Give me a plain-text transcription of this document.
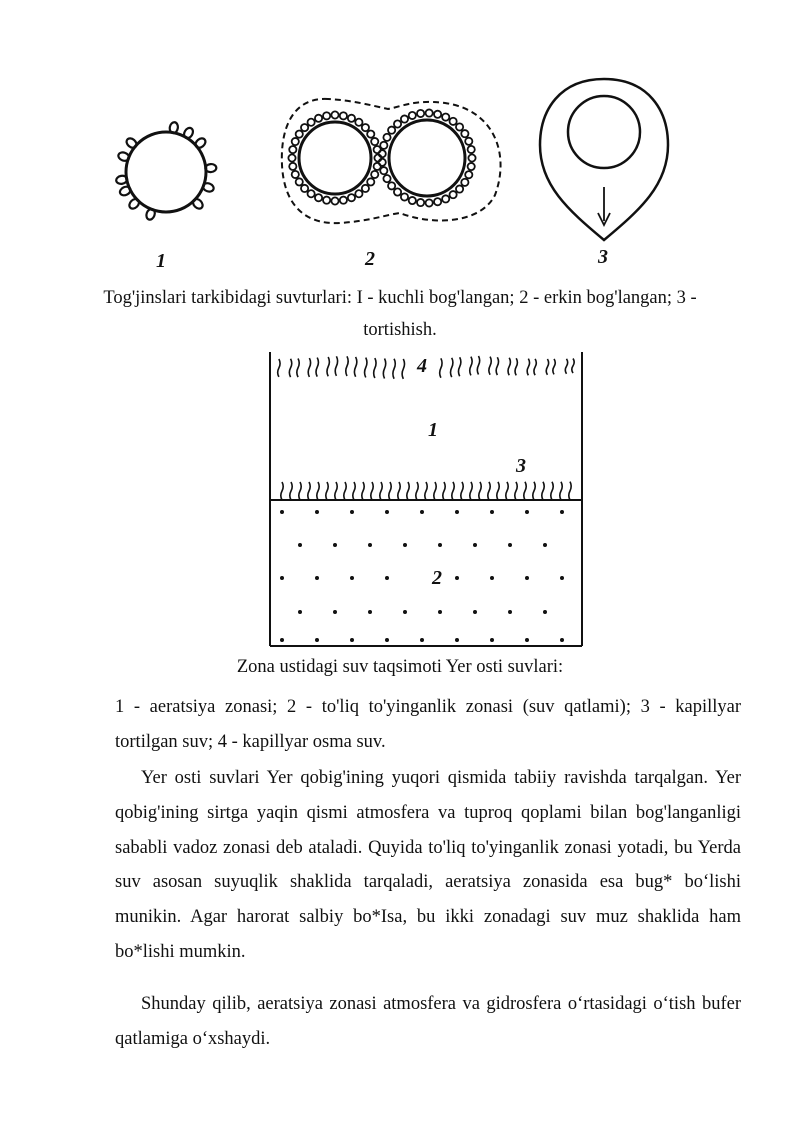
1	2	3
Tog'jinslari tarkibidagi suvturlari: I - kuchli bog'langan; 2 - erkin bog'langan; 3 - tortishish.
4
1
3
2
Zona ustidagi suv taqsimoti Yer osti suvlari:

1 - aeratsiya zonasi; 2 - to'liq to'yinganlik zonasi (suv qatlami); 3 - kapillyar tortilgan suv; 4 - kapillyar osma suv.

Yer osti suvlari Yer qobig'ining yuqori qismida tabiiy ravishda tarqalgan. Yer qobig'ining sirtga yaqin qismi atmosfera va tuproq qoplami bilan bog'langanligi sababli vadoz zonasi deb ataladi. Quyida to'liq to'yinganlik zonasi yotadi, bu Yerda suv asosan suyuqlik shaklida tarqaladi, aeratsiya zonasida esa bug* bo‘lishi munikin. Agar harorat salbiy bo*Isa, bu ikki zonadagi suv muz shaklida ham bo*lishi mumkin.

Shunday qilib, aeratsiya zonasi atmosfera va gidrosfera o‘rtasidagi o‘tish bufer qatlamiga o‘xshaydi.
